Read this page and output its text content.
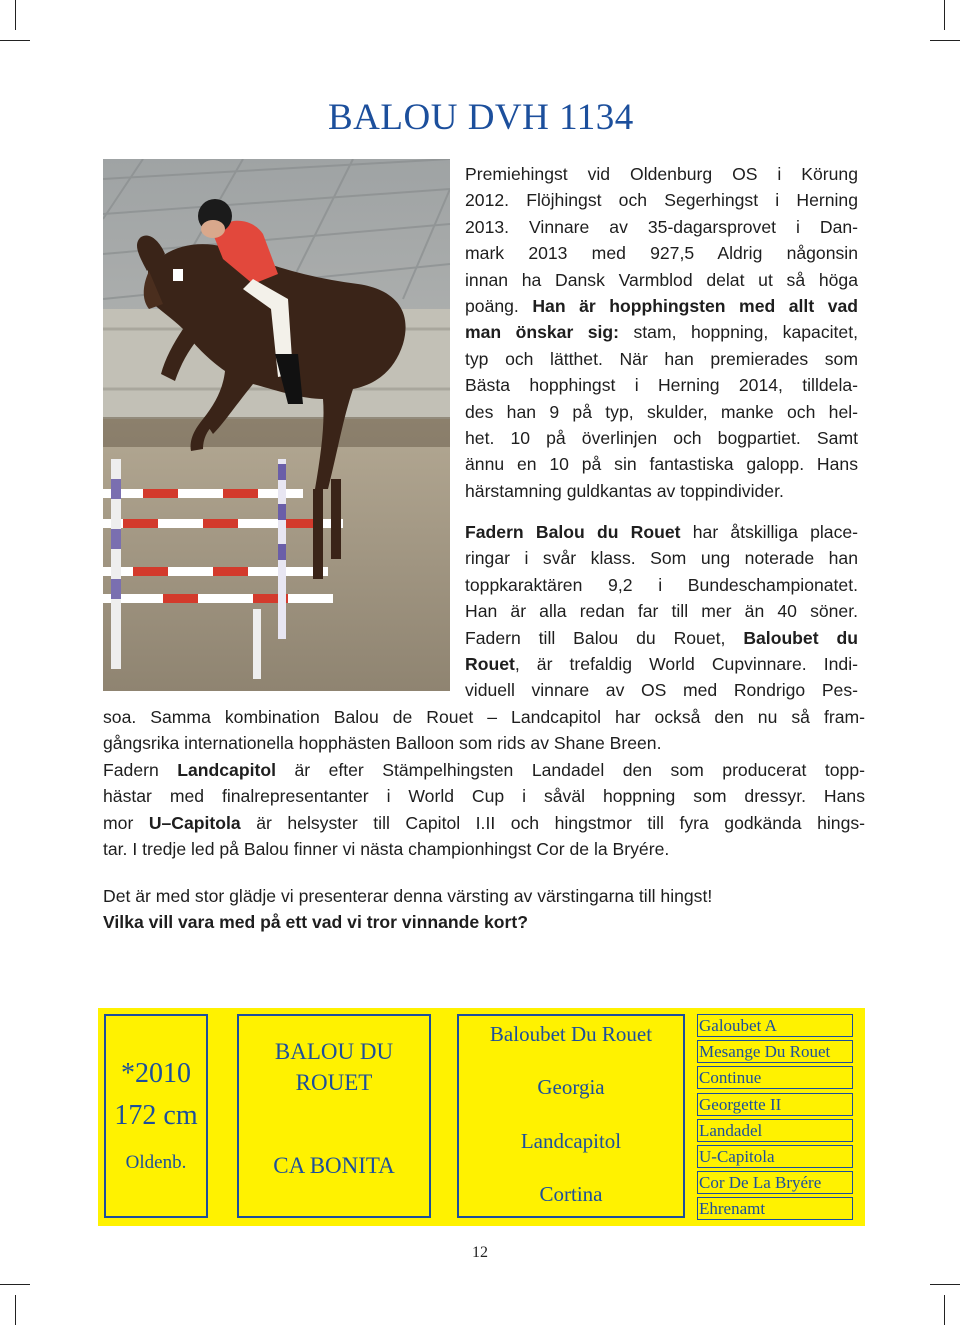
BALOU DVH 1134
Premiehingst vid Oldenburg OS i Körung
2012. Flöjhingst och Segerhingst i Herning
2013. Vinnare av 35-dagarsprovet i Dan-
mark 2013 med 927,5 Aldrig någonsin
innan ha Dansk Varmblod delat ut så höga
poäng. Han är hopphingsten med allt vad
man önskar sig: stam, hoppning, kapacitet,
typ och lätthet. När han premierades som
Bästa hopphingst i Herning 2014, tilldela-
des han 9 på typ, skulder, manke och hel-
het. 10 på överlinjen och bogpartiet. Samt
ännu en 10 på sin fantastiska galopp. Hans
härstamning guldkantas av toppindivider.
Fadern Balou du Rouet har åtskilliga place-
ringar i svår klass. Som ung noterade han
toppkaraktären 9,2 i Bundeschampionatet.
Han är alla redan far till mer än 40 söner.
Fadern till Balou du Rouet, Baloubet du
Rouet, är trefaldig World Cupvinnare. Indi-
viduell vinnare av OS med Rondrigo Pes-
soa. Samma kombination Balou de Rouet – Landcapitol har också den nu så fram-
gångsrika internationella hopphästen Balloon som rids av Shane Breen.
Fadern Landcapitol är efter Stämpelhingsten Landadel den som producerat topp-
hästar med finalrepresentanter i World Cup i såväl hoppning som dressyr. Hans
mor U–Capitola är helsyster till Capitol I.II och hingstmor till fyra godkända hings-
tar. I tredje led på Balou finner vi nästa championhingst Cor de la Bryére.
Det är med stor glädje vi presenterar denna värsting av värstingarna till hingst!
Vilka vill vara med på ett vad vi tror vinnande kort?
*2010
172 cm
Oldenb.
BALOU DU ROUET
CA BONITA
Baloubet Du Rouet
Georgia
Landcapitol
Cortina
Galoubet A
Mesange Du Rouet
Continue
Georgette II
Landadel
U-Capitola
Cor De La Bryére
Ehrenamt
12
